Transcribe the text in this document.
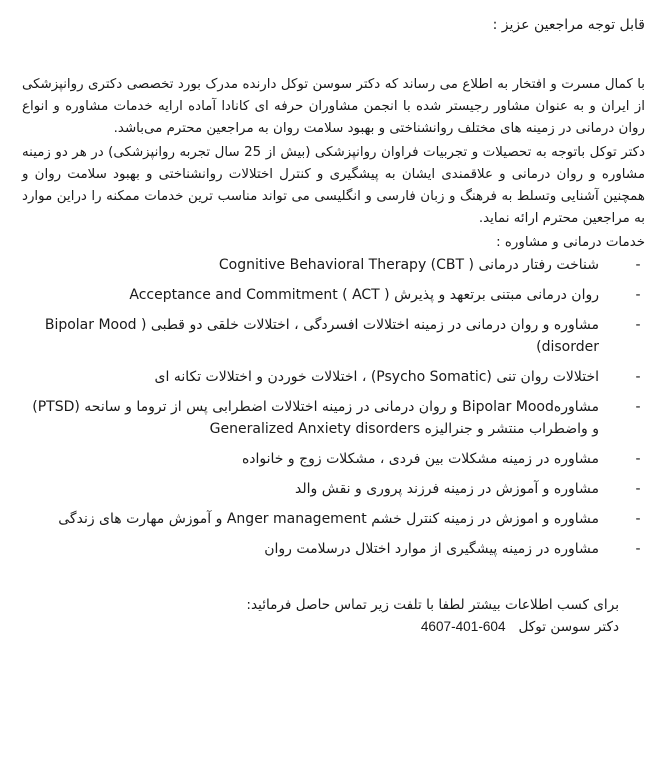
قابل توجه مراجعین عزیز :

با کمال مسرت و افتخار به اطلاع می رساند که دکتر سوسن توکل دارنده مدرک بورد تخصصی دکتری روانپزشکی از ایران و به عنوان مشاور رجیستر شده با انجمن مشاوران حرفه ای کانادا آماده ارایه خدمات مشاوره و انواع روان درمانی در زمینه های مختلف روانشناختی و بهبود سلامت روان به مراجعین محترم می‌باشد.

دکتر توکل باتوجه به تحصیلات و تجربیات فراوان روانپزشکی (بیش از 25 سال تجربه روانپزشکی) در هر دو زمینه مشاوره و روان درمانی و علاقمندی ایشان به پیشگیری و کنترل اختلالات روانشناختی و بهبود سلامت روان و همچنین آشنایی وتسلط به فرهنگ و زبان فارسی و انگلیسی می تواند مناسب ترین خدمات ممکنه را دراین موارد به مراجعین محترم ارائه نماید.

خدمات درمانی و مشاوره :

-
شناخت رفتار درمانی ( Cognitive Behavioral Therapy (CBT
-
روان درمانی مبتنی برتعهد و پذیرش ( Acceptance and Commitment ( ACT
-
مشاوره و روان درمانی در زمینه اختلالات افسردگی ، اختلالات خلقی دو قطبی ( Bipolar Mood disorder)
-
اختلالات روان تنی (Psycho Somatic) ، اختلالات خوردن و اختلالات تکانه ای
-
مشاورهBipolar Mood و روان درمانی در زمینه اختلالات اضطرابی پس از تروما و سانحه (PTSD) و واضطراب منتشر و جنرالیزه Generalized Anxiety disorders
-
مشاوره در زمینه مشکلات بین فردی ، مشکلات زوج و خانواده
-
مشاوره و آموزش در زمینه فرزند پروری و نقش والد
-
مشاوره و اموزش در زمینه کنترل خشم Anger management و آموزش مهارت های زندگی
-
مشاوره در زمینه پیشگیری از موارد اختلال درسلامت روان
برای کسب اطلاعات بیشتر لطفا با تلفت زیر تماس حاصل فرمائید:
دکتر سوسن توکل   604-401-4607
